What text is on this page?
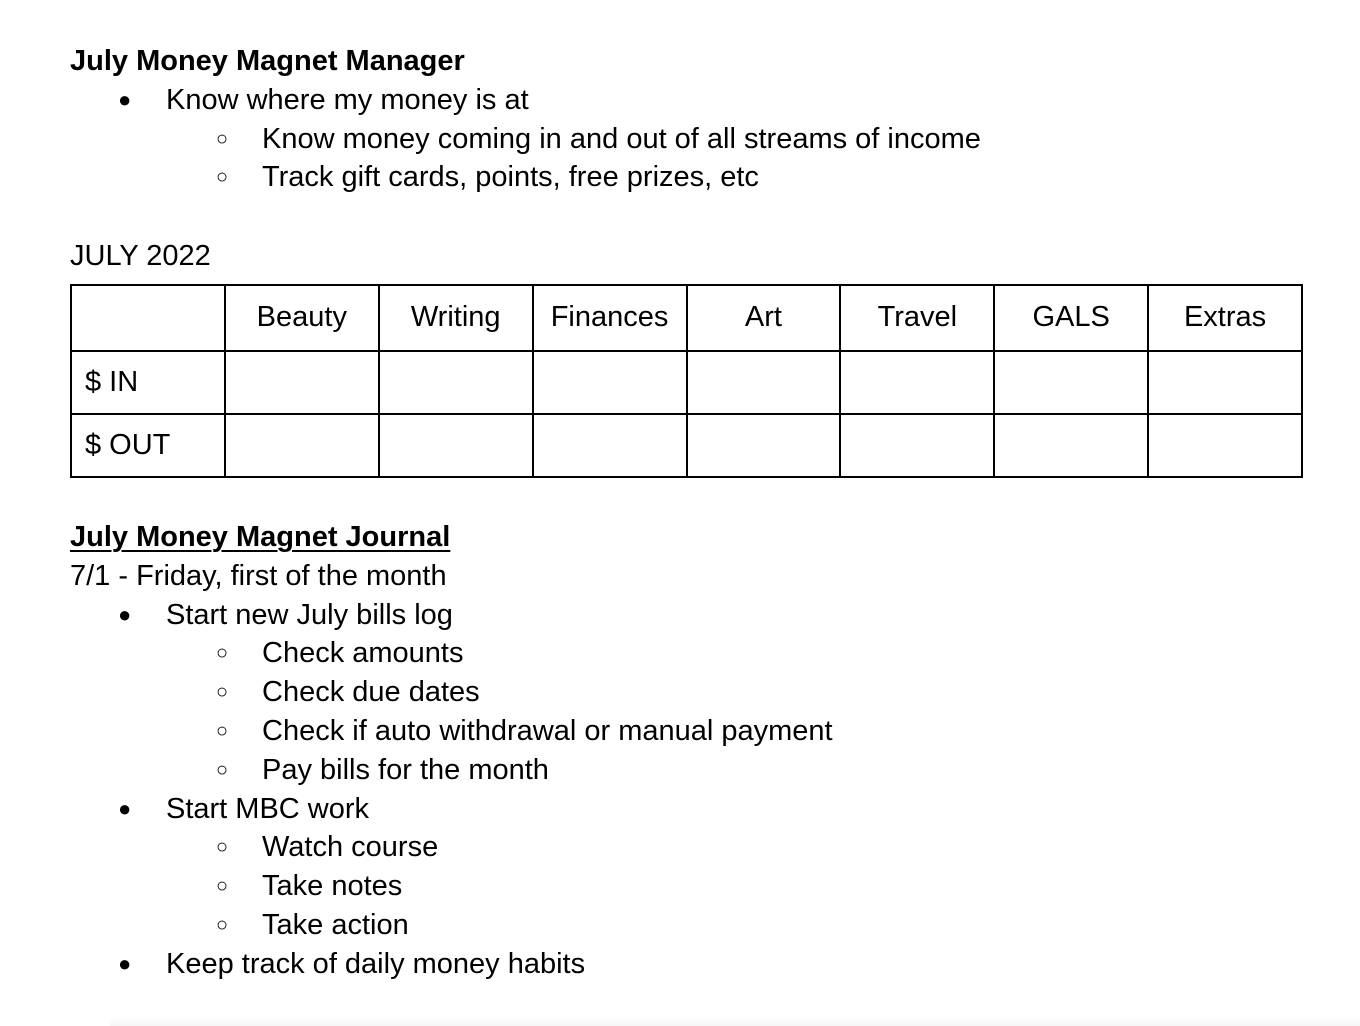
July Money Magnet Manager
● Know where my money is at
○ Know money coming in and out of all streams of income
○ Track gift cards, points, free prizes, etc
JULY 2022
	Beauty	Writing	Finances	Art	Travel	GALS	Extras
$ IN							
$ OUT							
July Money Magnet Journal
7/1 - Friday, first of the month
● Start new July bills log
○ Check amounts
○ Check due dates
○ Check if auto withdrawal or manual payment
○ Pay bills for the month
● Start MBC work
○ Watch course
○ Take notes
○ Take action
● Keep track of daily money habits
